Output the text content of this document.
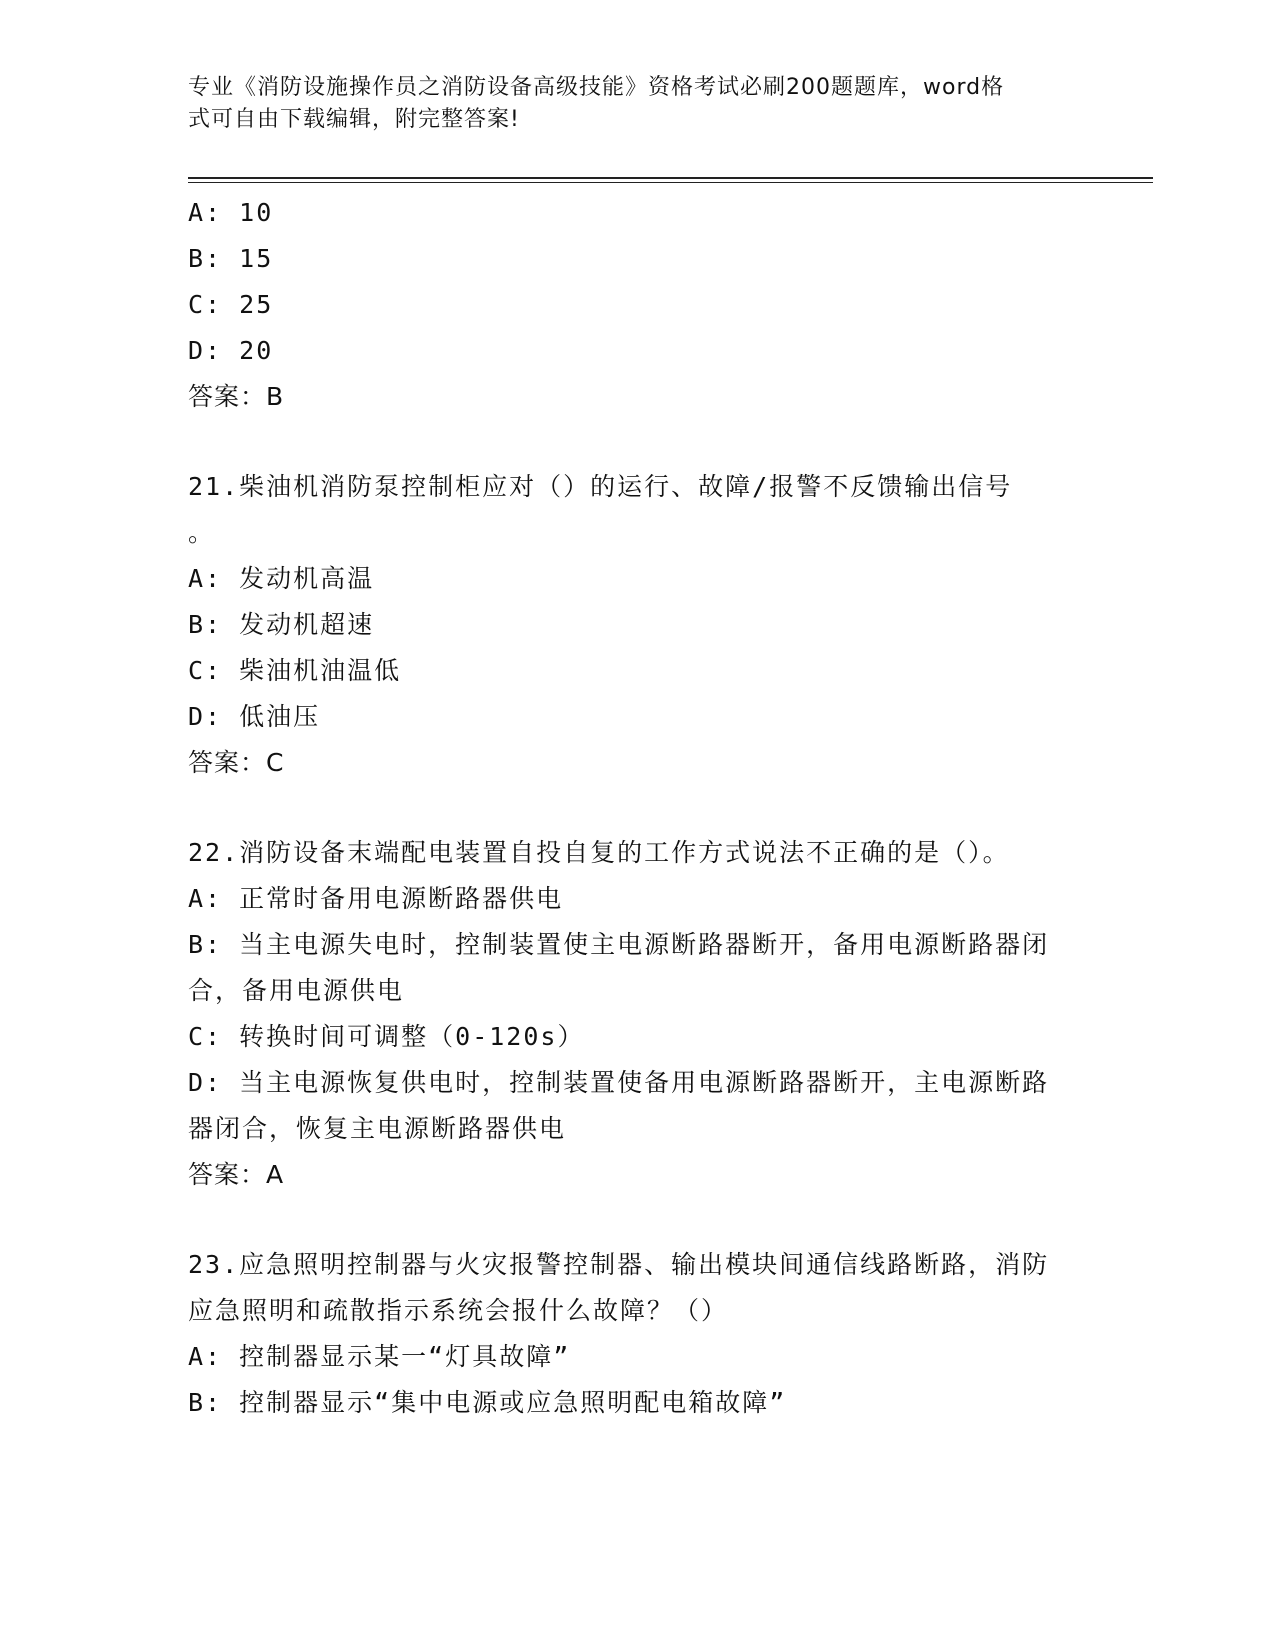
专业《消防设施操作员之消防设备高级技能》资格考试必刷200题题库，word格
式可自由下载编辑，附完整答案!
A: 10
B: 15
C: 25
D: 20
答案：B
21.柴油机消防泵控制柜应对（）的运行、故障/报警不反馈输出信号
。
A: 发动机高温
B: 发动机超速
C: 柴油机油温低
D: 低油压
答案：C
22.消防设备末端配电装置自投自复的工作方式说法不正确的是（）。
A: 正常时备用电源断路器供电
B: 当主电源失电时，控制装置使主电源断路器断开，备用电源断路器闭合，备用电源供电
C: 转换时间可调整（0-120s）
D: 当主电源恢复供电时，控制装置使备用电源断路器断开，主电源断路器闭合，恢复主电源断路器供电
答案：A
23.应急照明控制器与火灾报警控制器、输出模块间通信线路断路，消防应急照明和疏散指示系统会报什么故障？（）
A: 控制器显示某一“灯具故障”
B: 控制器显示“集中电源或应急照明配电箱故障”
